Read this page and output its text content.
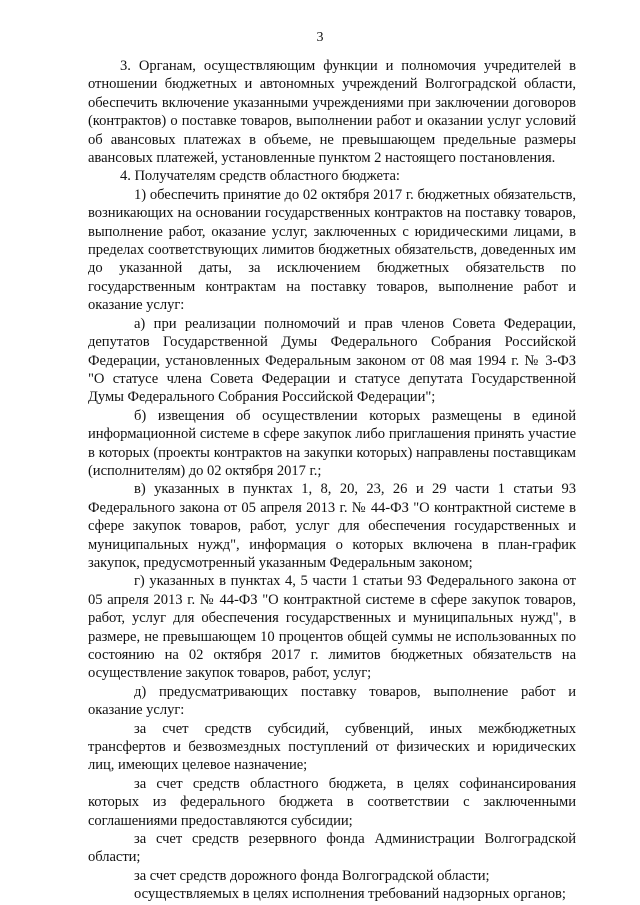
3

3. Органам, осуществляющим функции и полномочия учредителей в отношении бюджетных и автономных учреждений Волгоградской области, обеспечить включение указанными учреждениями при заключении договоров (контрактов) о поставке товаров, выполнении работ и оказании услуг условий об авансовых платежах в объеме, не превышающем предельные размеры авансовых платежей, установленные пунктом 2 настоящего постановления.

4. Получателям средств областного бюджета:

1) обеспечить принятие до 02 октября 2017 г. бюджетных обязательств, возникающих на основании государственных контрактов на поставку товаров, выполнение работ, оказание услуг, заключенных с юридическими лицами, в пределах соответствующих лимитов бюджетных обязательств, доведенных им до указанной даты, за исключением бюджетных обязательств по государственным контрактам на поставку товаров, выполнение работ и оказание услуг:

а) при реализации полномочий и прав членов Совета Федерации, депутатов Государственной Думы Федерального Собрания Российской Федерации, установленных Федеральным законом от 08 мая 1994 г. № 3-ФЗ "О статусе члена Совета Федерации и статусе депутата Государственной Думы Федерального Собрания Российской Федерации";

б) извещения об осуществлении которых размещены в единой информационной системе в сфере закупок либо приглашения принять участие в которых (проекты контрактов на закупки которых) направлены поставщикам (исполнителям) до 02 октября 2017 г.;

в) указанных в пунктах 1, 8, 20, 23, 26 и 29 части 1 статьи 93 Федерального закона от 05 апреля 2013 г. № 44-ФЗ "О контрактной системе в сфере закупок товаров, работ, услуг для обеспечения государственных и муниципальных нужд", информация о которых включена в план-график закупок, предусмотренный указанным Федеральным законом;

г) указанных в пунктах 4, 5 части 1 статьи 93 Федерального закона от 05 апреля 2013 г. № 44-ФЗ "О контрактной системе в сфере закупок товаров, работ, услуг для обеспечения государственных и муниципальных нужд", в размере, не превышающем 10 процентов общей суммы не использованных по состоянию на 02 октября 2017 г. лимитов бюджетных обязательств на осуществление закупок товаров, работ, услуг;

д) предусматривающих поставку товаров, выполнение работ и оказание услуг:

за счет средств субсидий, субвенций, иных межбюджетных трансфертов и безвозмездных поступлений от физических и юридических лиц, имеющих целевое назначение;

за счет средств областного бюджета, в целях софинансирования которых из федерального бюджета в соответствии с заключенными соглашениями предоставляются субсидии;

за счет средств резервного фонда Администрации Волгоградской области;

за счет средств дорожного фонда Волгоградской области;

осуществляемых в целях исполнения требований надзорных органов;
